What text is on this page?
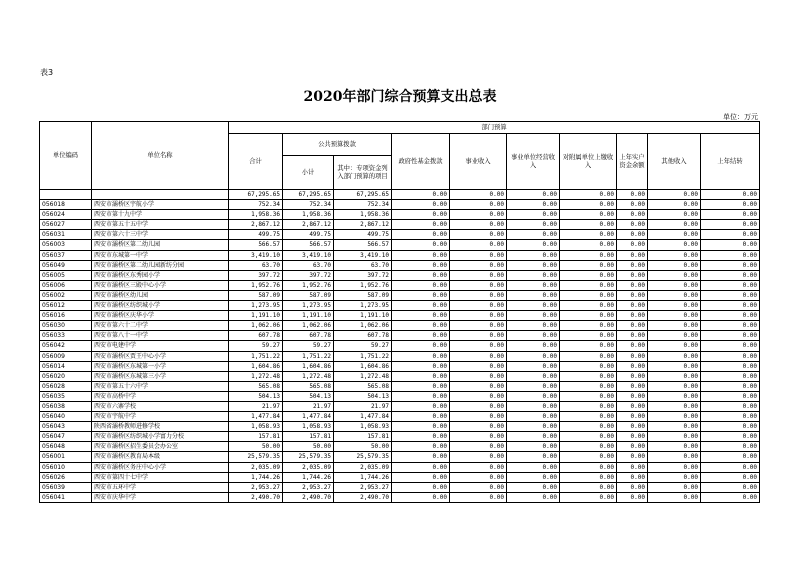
表3
2020年部门综合预算支出总表
单位：万元
单位编码	单位名称	部门预算									
		合计	公共预算拨款		政府性基金拨款	事业收入	事业单位经营收入	对附属单位上缴收入	上年实户资金余额	其他收入	上年结转
			小计	其中：专项资金列入部门预算的项目							
		67,295.65	67,295.65	67,295.65	0.00	0.00	0.00	0.00	0.00	0.00	0.00
056018	西安市灞桥区宇航小学	752.34	752.34	752.34	0.00	0.00	0.00	0.00	0.00	0.00	0.00
056024	西安市第十九中学	1,958.36	1,958.36	1,958.36	0.00	0.00	0.00	0.00	0.00	0.00	0.00
056027	西安市第五十五中学	2,867.12	2,867.12	2,867.12	0.00	0.00	0.00	0.00	0.00	0.00	0.00
056031	西安市第六十三中学	499.75	499.75	499.75	0.00	0.00	0.00	0.00	0.00	0.00	0.00
056003	西安市灞桥区第二幼儿园	566.57	566.57	566.57	0.00	0.00	0.00	0.00	0.00	0.00	0.00
056037	西安市东城第一中学	3,419.10	3,419.10	3,419.10	0.00	0.00	0.00	0.00	0.00	0.00	0.00
056049	西安市灞桥区第二幼儿园新纺分园	63.70	63.70	63.70	0.00	0.00	0.00	0.00	0.00	0.00	0.00
056005	西安市灞桥区东秀园小学	397.72	397.72	397.72	0.00	0.00	0.00	0.00	0.00	0.00	0.00
056006	西安市灞桥区三殿中心小学	1,952.76	1,952.76	1,952.76	0.00	0.00	0.00	0.00	0.00	0.00	0.00
056002	西安市灞桥区幼儿园	587.09	587.09	587.09	0.00	0.00	0.00	0.00	0.00	0.00	0.00
056012	西安市灞桥区纺织城小学	1,273.95	1,273.95	1,273.95	0.00	0.00	0.00	0.00	0.00	0.00	0.00
056016	西安市灞桥区庆华小学	1,191.10	1,191.10	1,191.10	0.00	0.00	0.00	0.00	0.00	0.00	0.00
056030	西安市第六十二中学	1,062.06	1,062.06	1,062.06	0.00	0.00	0.00	0.00	0.00	0.00	0.00
056033	西安市第八十一中学	607.78	607.78	607.78	0.00	0.00	0.00	0.00	0.00	0.00	0.00
056042	西安市电建中学	59.27	59.27	59.27	0.00	0.00	0.00	0.00	0.00	0.00	0.00
056009	西安市灞桥区贾王中心小学	1,751.22	1,751.22	1,751.22	0.00	0.00	0.00	0.00	0.00	0.00	0.00
056014	西安市灞桥区东城第一小学	1,604.86	1,604.86	1,604.86	0.00	0.00	0.00	0.00	0.00	0.00	0.00
056020	西安市灞桥区东城第三小学	1,272.48	1,272.48	1,272.48	0.00	0.00	0.00	0.00	0.00	0.00	0.00
056028	西安市第五十六中学	565.08	565.08	565.08	0.00	0.00	0.00	0.00	0.00	0.00	0.00
056035	西安市高桥中学	504.13	504.13	504.13	0.00	0.00	0.00	0.00	0.00	0.00	0.00
056038	西安市六寨学校	21.97	21.97	21.97	0.00	0.00	0.00	0.00	0.00	0.00	0.00
056040	西安市宇航中学	1,477.84	1,477.84	1,477.84	0.00	0.00	0.00	0.00	0.00	0.00	0.00
056043	陕西省灞桥教师进修学校	1,058.93	1,058.93	1,058.93	0.00	0.00	0.00	0.00	0.00	0.00	0.00
056047	西安市灞桥区纺织城小学富力分校	157.81	157.81	157.81	0.00	0.00	0.00	0.00	0.00	0.00	0.00
056048	西安市灞桥区招生委员会办公室	50.00	50.00	50.00	0.00	0.00	0.00	0.00	0.00	0.00	0.00
056001	西安市灞桥区教育局本级	25,579.35	25,579.35	25,579.35	0.00	0.00	0.00	0.00	0.00	0.00	0.00
056010	西安市灞桥区务庄中心小学	2,035.09	2,035.09	2,035.09	0.00	0.00	0.00	0.00	0.00	0.00	0.00
056026	西安市第四十七中学	1,744.26	1,744.26	1,744.26	0.00	0.00	0.00	0.00	0.00	0.00	0.00
056039	西安市五环中学	2,953.27	2,953.27	2,953.27	0.00	0.00	0.00	0.00	0.00	0.00	0.00
056041	西安市庆华中学	2,490.70	2,490.70	2,490.70	0.00	0.00	0.00	0.00	0.00	0.00	0.00
